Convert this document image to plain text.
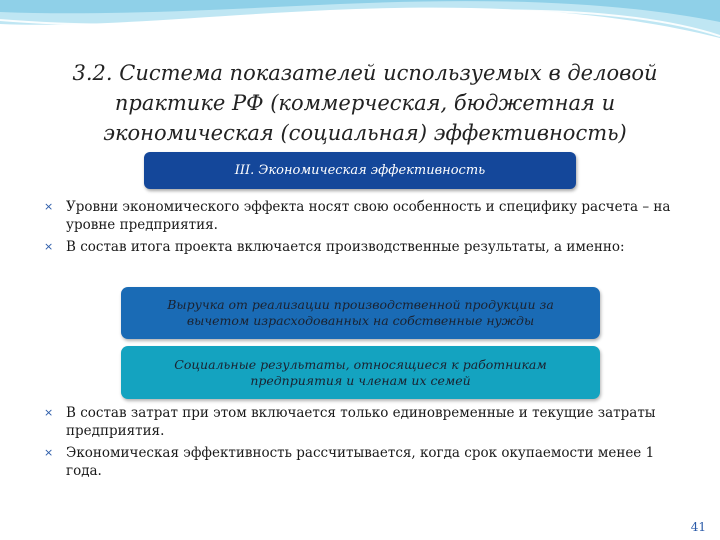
3.2. Система показателей используемых в деловой практике РФ (коммерческая, бюджетная и экономическая (социальная) эффективность)
III. Экономическая эффективность
× Уровни экономического эффекта носят свою особенность и специфику расчета – на уровне предприятия.
× В состав итога проекта включается производственные результаты, а именно:
Выручка от реализации производственной продукции за вычетом израсходованных на собственные нужды
Социальные результаты, относящиеся к работникам предприятия и членам их семей
× В состав затрат при этом включается только единовременные и текущие затраты предприятия.
× Экономическая эффективность рассчитывается, когда срок окупаемости менее 1 года.
41
